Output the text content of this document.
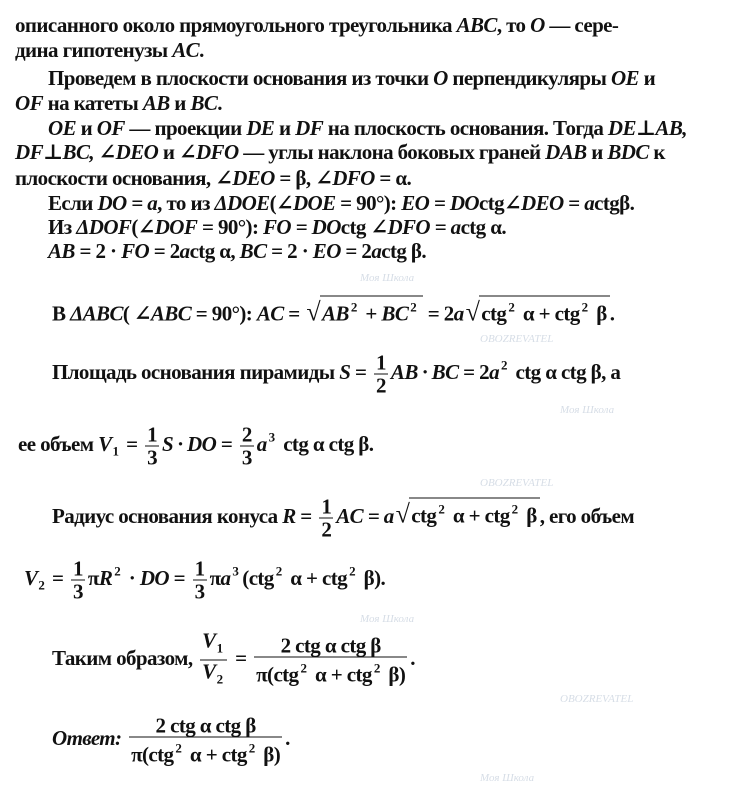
описанного около прямоугольного треугольника ABC, то O — сере-
дина гипотенузы AC.
Проведем в плоскости основания из точки O перпендикуляры OE и
OF на катеты AB и BC.
OE и OF — проекции DE и DF на плоскость основания. Тогда DE⊥AB,
DF⊥BC, ∠DEO и ∠DFO — углы наклона боковых граней DAB и BDC к
плоскости основания, ∠DEO = β, ∠DFO = α.
Если DO = a, то из ΔDOE(∠DOE = 90°): EO = DOctg∠DEO = actgβ.
Из ΔDOF(∠DOF = 90°): FO = DOctg ∠DFO = actg α.
AB = 2 · FO = 2actg α, BC = 2 · EO = 2actg β.
В ΔABC( ∠ABC = 90°): AC = √AB $^2$ + BC $^2$ = 2a√ctg $^2$ α + ctg $^2$ β .
Площадь основания пирамиды $S = \frac{1}{2}$ AB · BC = 2a $^2$ ctg α ctg β, а
ее объем $V_1 = \frac{1}{3}$ S · DO = $\frac{2}{3}$ a $^3$ ctg α ctg β.
Радиус основания конуса $R = \frac{1}{2}$ AC = a√ctg $^2$ α + ctg $^2$ β , его объем
$V_2 = \frac{1}{3}$ πR $^2$ · DO = $\frac{1}{3}$ πa $^3$ (ctg $^2$ α + ctg $^2$ β).
Таким образом, $\frac{V_1}{V_2} = \frac{\text{2 ctg α ctg β}}{\pi(ctg ^2 \alpha + ctg ^2 \beta)}$ .
Ответ: $\frac{\text{2 ctg α ctg β}}{\pi(ctg ^2 \alpha + ctg ^2 \beta)}$ .
Моя Школа
OBOZREVATEL
Моя Школа
OBOZREVATEL
Моя Школа
OBOZREVATEL
Моя Школа
